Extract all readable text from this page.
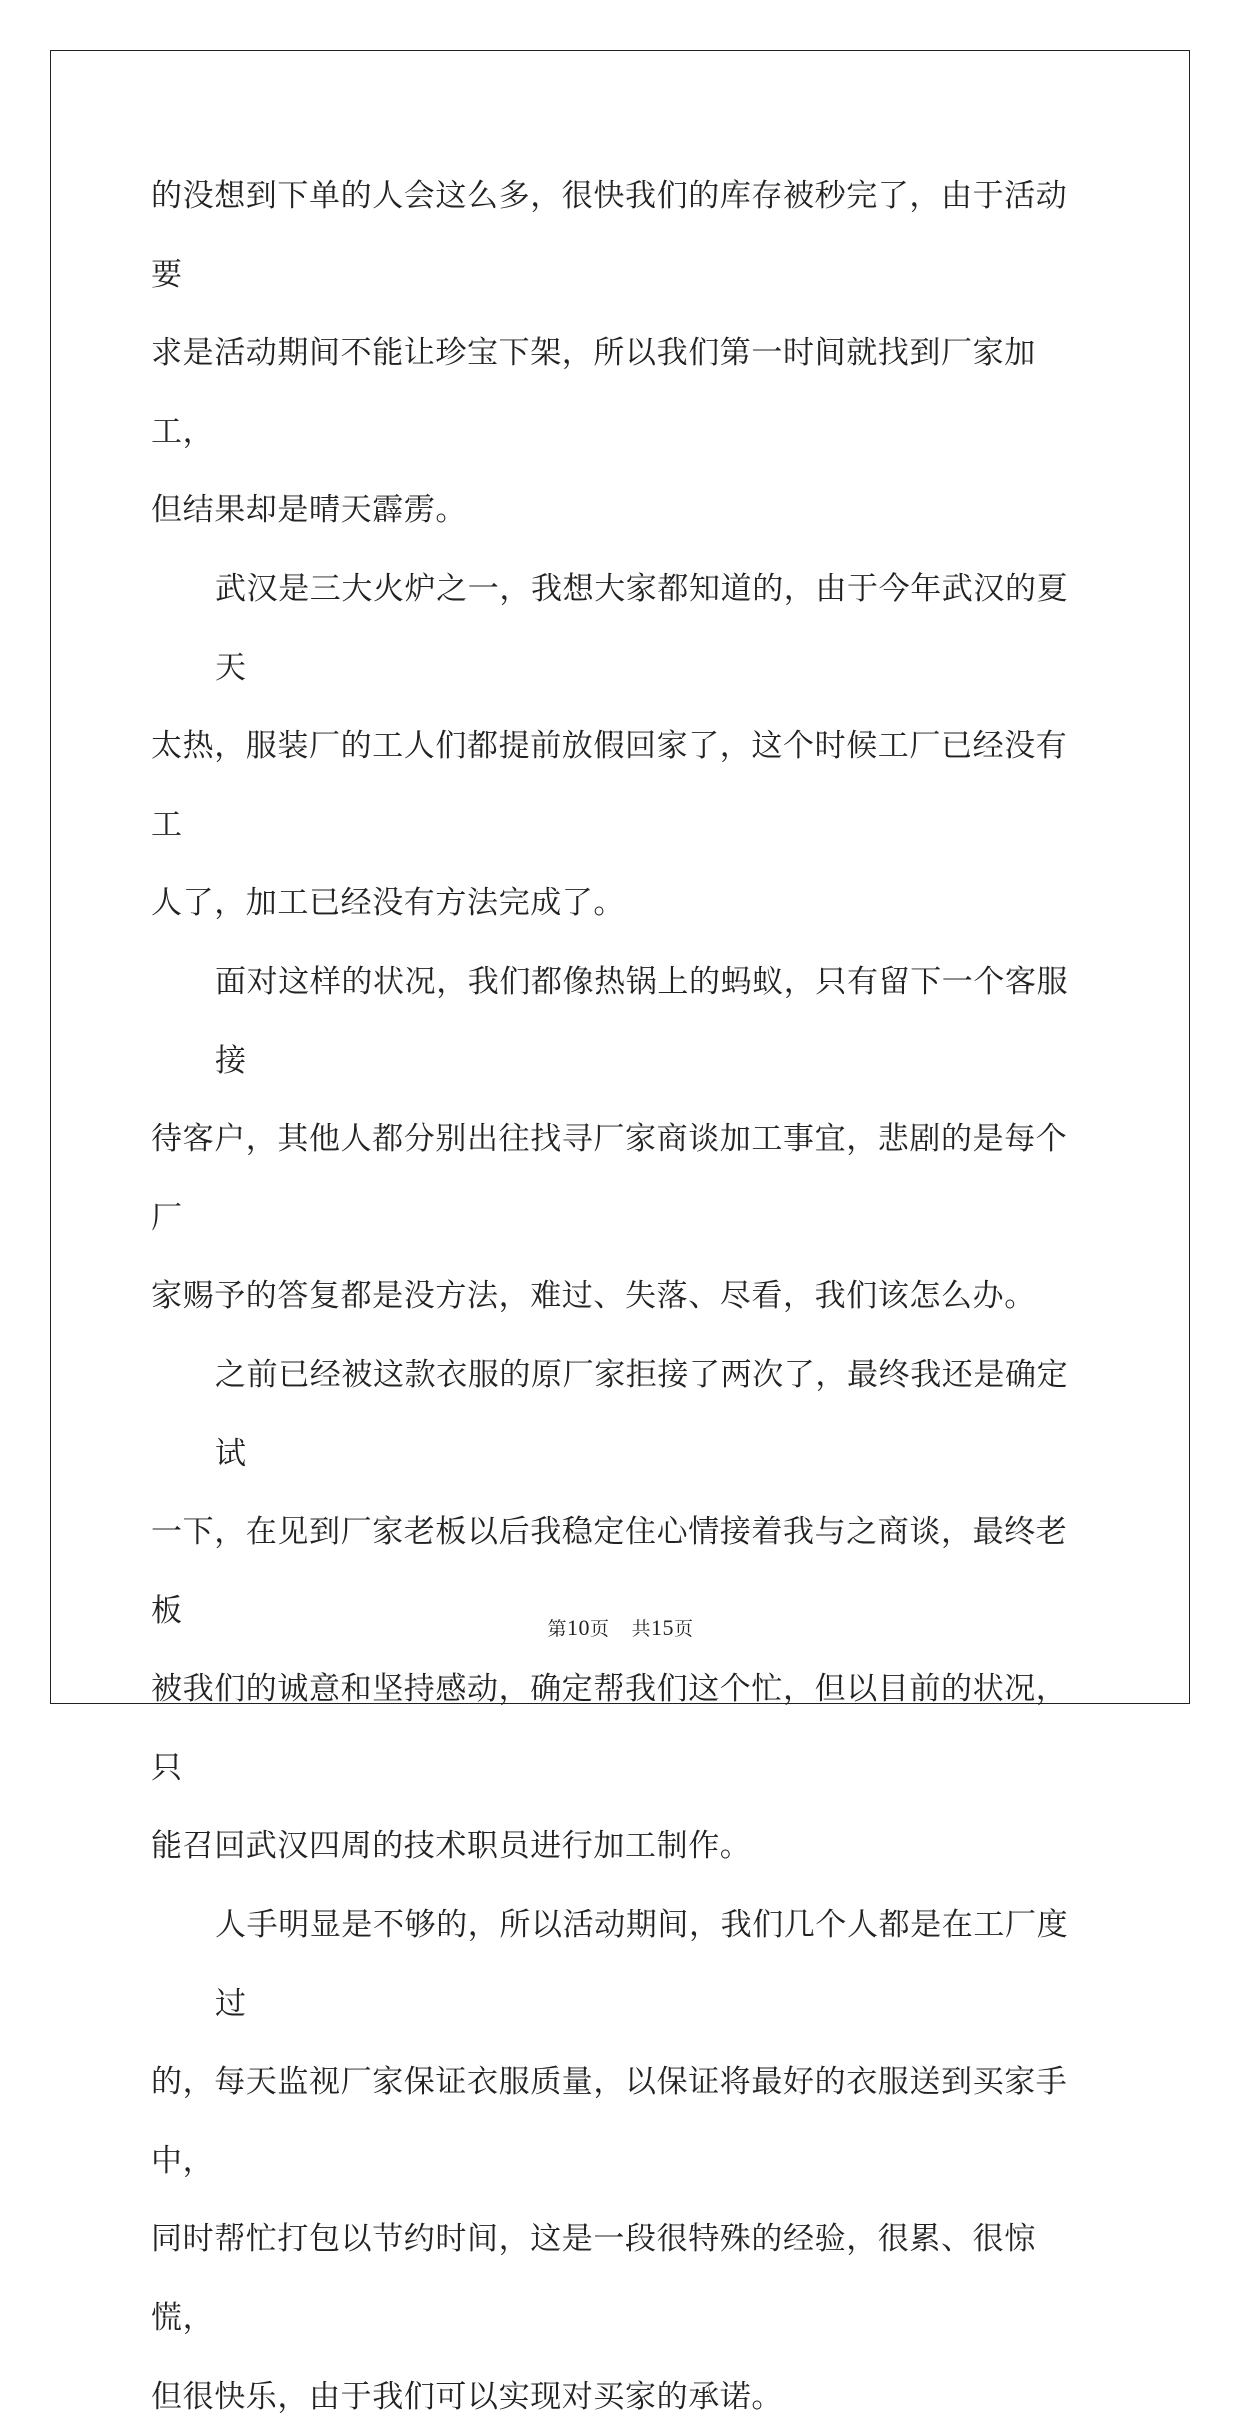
的没想到下单的人会这么多，很快我们的库存被秒完了，由于活动要

求是活动期间不能让珍宝下架，所以我们第一时间就找到厂家加工，

但结果却是晴天霹雳。

武汉是三大火炉之一，我想大家都知道的，由于今年武汉的夏天

太热，服装厂的工人们都提前放假回家了，这个时候工厂已经没有工

人了，加工已经没有方法完成了。

面对这样的状况，我们都像热锅上的蚂蚁，只有留下一个客服接

待客户，其他人都分别出往找寻厂家商谈加工事宜，悲剧的是每个厂

家赐予的答复都是没方法，难过、失落、尽看，我们该怎么办。

之前已经被这款衣服的原厂家拒接了两次了，最终我还是确定试

一下，在见到厂家老板以后我稳定住心情接着我与之商谈，最终老板

被我们的诚意和坚持感动，确定帮我们这个忙，但以目前的状况，只

能召回武汉四周的技术职员进行加工制作。

人手明显是不够的，所以活动期间，我们几个人都是在工厂度过

的，每天监视厂家保证衣服质量，以保证将最好的衣服送到买家手中，

同时帮忙打包以节约时间，这是一段很特殊的经验，很累、很惊慌，

但很快乐，由于我们可以实现对买家的承诺。

第10页 共15页
